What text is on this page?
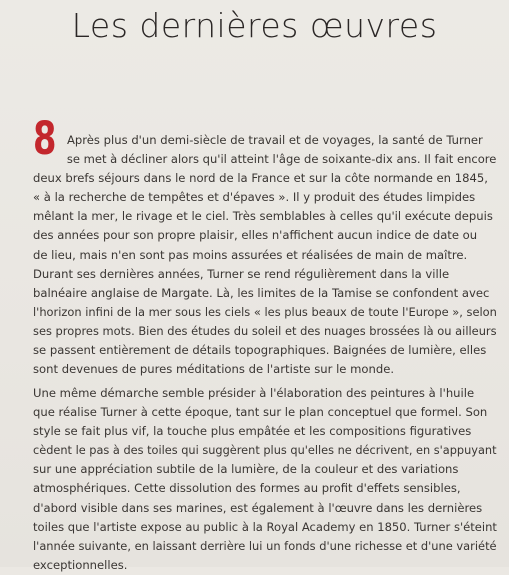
Les dernières œuvres
8 Après plus d'un demi-siècle de travail et de voyages, la santé de Turner
se met à décliner alors qu'il atteint l'âge de soixante-dix ans. Il fait encore
deux brefs séjours dans le nord de la France et sur la côte normande en 1845,
« à la recherche de tempêtes et d'épaves ». Il y produit des études limpides
mêlant la mer, le rivage et le ciel. Très semblables à celles qu'il exécute depuis
des années pour son propre plaisir, elles n'affichent aucun indice de date ou
de lieu, mais n'en sont pas moins assurées et réalisées de main de maître.
Durant ses dernières années, Turner se rend régulièrement dans la ville
balnéaire anglaise de Margate. Là, les limites de la Tamise se confondent avec
l'horizon infini de la mer sous les ciels « les plus beaux de toute l'Europe », selon
ses propres mots. Bien des études du soleil et des nuages brossées là ou ailleurs
se passent entièrement de détails topographiques. Baignées de lumière, elles
sont devenues de pures méditations de l'artiste sur le monde.
Une même démarche semble présider à l'élaboration des peintures à l'huile
que réalise Turner à cette époque, tant sur le plan conceptuel que formel. Son
style se fait plus vif, la touche plus empâtée et les compositions figuratives
cèdent le pas à des toiles qui suggèrent plus qu'elles ne décrivent, en s'appuyant
sur une appréciation subtile de la lumière, de la couleur et des variations
atmosphériques. Cette dissolution des formes au profit d'effets sensibles,
d'abord visible dans ses marines, est également à l'œuvre dans les dernières
toiles que l'artiste expose au public à la Royal Academy en 1850. Turner s'éteint
l'année suivante, en laissant derrière lui un fonds d'une richesse et d'une variété
exceptionnelles.
